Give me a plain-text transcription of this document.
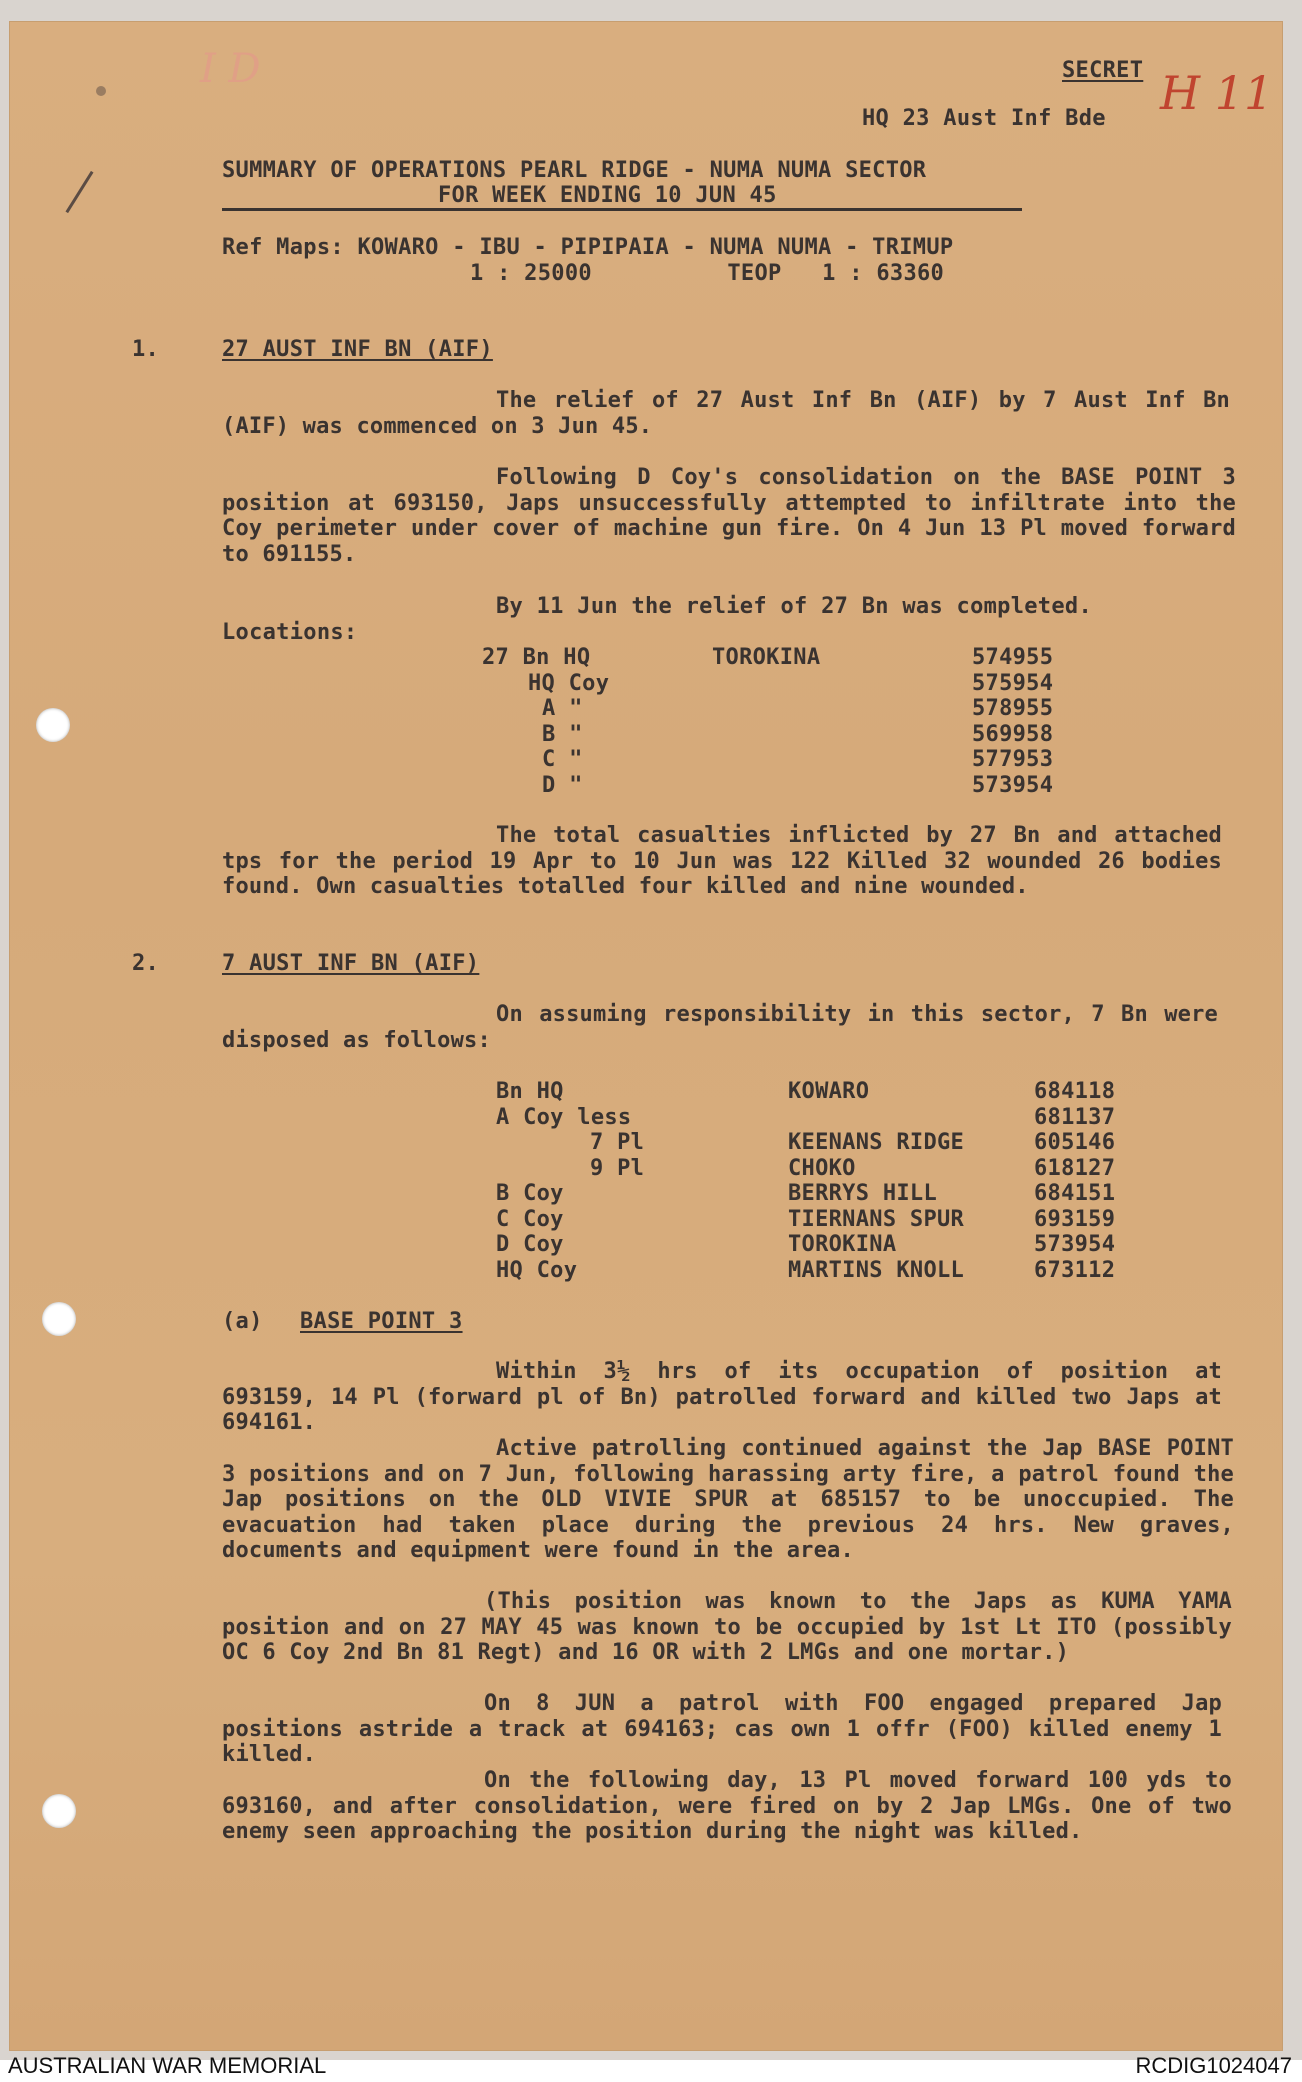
I D	H 11
SECRET
HQ 23 Aust Inf Bde
SUMMARY OF OPERATIONS PEARL RIDGE - NUMA NUMA SECTOR
FOR WEEK ENDING 10 JUN 45
Ref Maps: KOWARO - IBU - PIPIPAIA - NUMA NUMA - TRIMUP
1 : 25000          TEOP   1 : 63360
1.	27 AUST INF BN (AIF)
The relief of 27 Aust Inf Bn (AIF) by 7 Aust Inf Bn (AIF) was commenced on 3 Jun 45.
Following D Coy's consolidation on the BASE POINT 3 position at 693150, Japs unsuccessfully attempted to infiltrate into the Coy perimeter under cover of machine gun fire. On 4 Jun 13 Pl moved forward to 691155.
By 11 Jun the relief of 27 Bn was completed.
Locations:
27 Bn HQ	TOROKINA	574955
HQ Coy	575954
A "	578955
B "	569958
C "	577953
D "	573954
The total casualties inflicted by 27 Bn and attached tps for the period 19 Apr to 10 Jun was 122 Killed 32 wounded 26 bodies found. Own casualties totalled four killed and nine wounded.
2.	7 AUST INF BN (AIF)
On assuming responsibility in this sector, 7 Bn were disposed as follows:
Bn HQ	KOWARO	684118
A Coy less	681137
7 Pl	KEENANS RIDGE	605146
9 Pl	CHOKO	618127
B Coy	BERRYS HILL	684151
C Coy	TIERNANS SPUR	693159
D Coy	TOROKINA	573954
HQ Coy	MARTINS KNOLL	673112
(a) BASE POINT 3
Within 3½ hrs of its occupation of position at 693159, 14 Pl (forward pl of Bn) patrolled forward and killed two Japs at 694161.
Active patrolling continued against the Jap BASE POINT 3 positions and on 7 Jun, following harassing arty fire, a patrol found the Jap positions on the OLD VIVIE SPUR at 685157 to be unoccupied. The evacuation had taken place during the previous 24 hrs. New graves, documents and equipment were found in the area.
(This position was known to the Japs as KUMA YAMA position and on 27 MAY 45 was known to be occupied by 1st Lt ITO (possibly OC 6 Coy 2nd Bn 81 Regt) and 16 OR with 2 LMGs and one mortar.)
On 8 JUN a patrol with FOO engaged prepared Jap positions astride a track at 694163; cas own 1 offr (FOO) killed enemy 1 killed.
On the following day, 13 Pl moved forward 100 yds to 693160, and after consolidation, were fired on by 2 Jap LMGs. One of two enemy seen approaching the position during the night was killed.
AUSTRALIAN WAR MEMORIAL	RCDIG1024047
